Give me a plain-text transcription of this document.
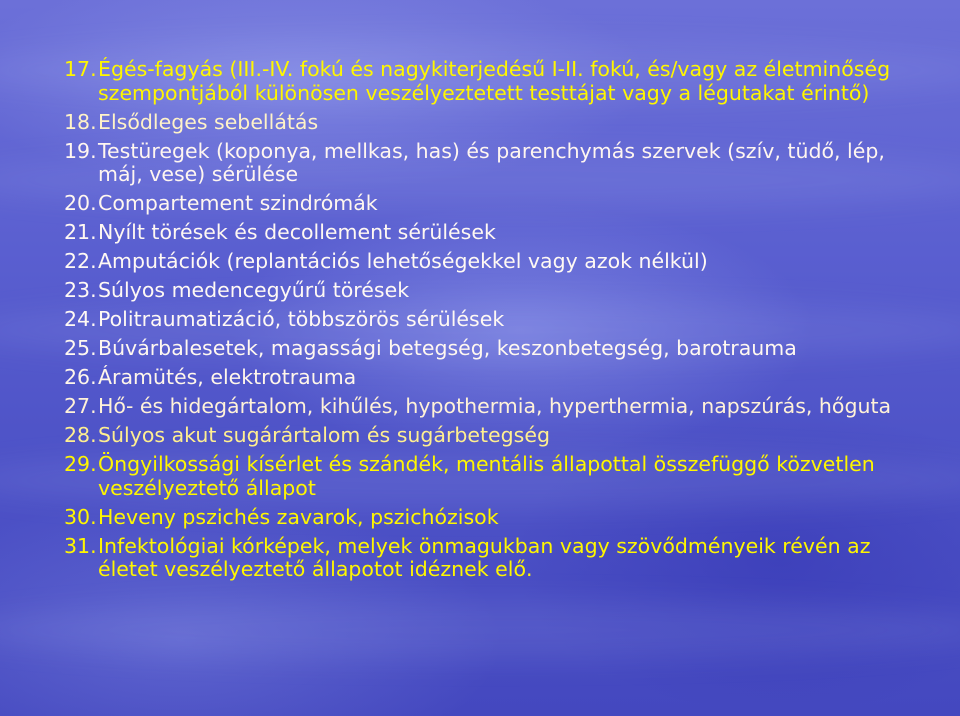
17. Égés-fagyás (III.-IV. fokú és nagykiterjedésű I-II. fokú, és/vagy az életminőség szempontjából különösen veszélyeztetett testtájat vagy a légutakat érintő)
18. Elsődleges sebellátás
19. Testüregek (koponya, mellkas, has) és parenchymás szervek (szív, tüdő, lép, máj, vese) sérülése
20. Compartement szindrómák
21. Nyílt törések és decollement sérülések
22. Amputációk (replantációs lehetőségekkel vagy azok nélkül)
23. Súlyos medencegyűrű törések
24. Politraumatizáció, többszörös sérülések
25. Búvárbalesetek, magassági betegség, keszonbetegség, barotrauma
26. Áramütés, elektrotrauma
27. Hő- és hidegártalom, kihűlés, hypothermia, hyperthermia, napszúrás, hőguta
28. Súlyos akut sugárártalom és sugárbetegség
29. Öngyilkossági kísérlet és szándék, mentális állapottal összefüggő közvetlen veszélyeztető állapot
30. Heveny pszichés zavarok, pszichózisok
31. Infektológiai kórképek, melyek önmagukban vagy szövődményeik révén az életet veszélyeztető állapotot idéznek elő.
